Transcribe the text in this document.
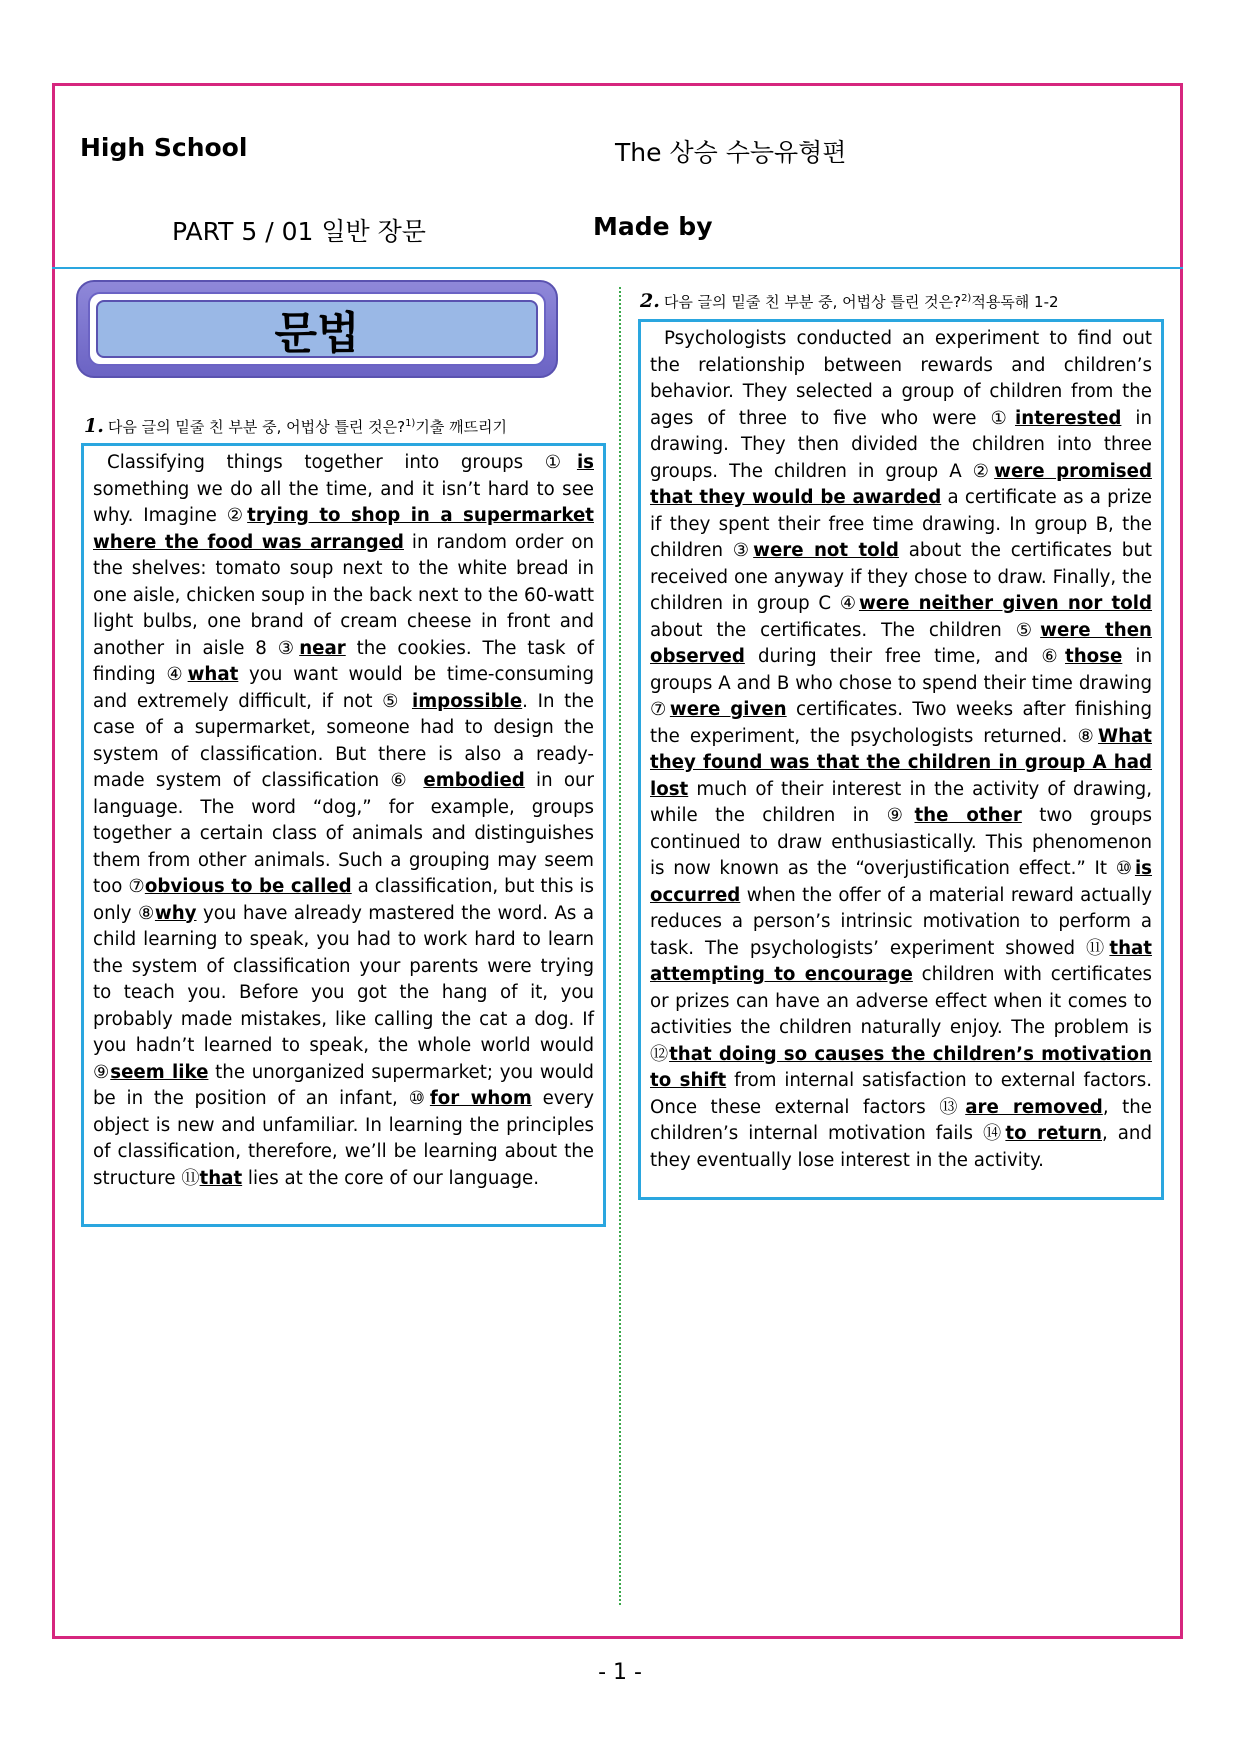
High School	The 상승 수능유형편
PART 5 / 01 일반 장문	Made by
문법
1. 다음 글의 밑줄 친 부분 중, 어법상 틀린 것은?$^{1)}$기출 깨뜨리기

Classifying things together into groups ①is something we do all the time, and it isn’t hard to see why. Imagine ②trying to shop in a supermarket where the food was arranged in random order on the shelves: tomato soup next to the white bread in one aisle, chicken soup in the back next to the 60-watt light bulbs, one brand of cream cheese in front and another in aisle 8 ③near the cookies. The task of finding ④what you want would be time-consuming and extremely difficult, if not ⑤ impossible. In the case of a supermarket, someone had to design the system of classification. But there is also a ready-made system of classification ⑥ embodied in our language. The word “dog,” for example, groups together a certain class of animals and distinguishes them from other animals. Such a grouping may seem too ⑦obvious to be called a classification, but this is only ⑧why you have already mastered the word. As a child learning to speak, you had to work hard to learn the system of classification your parents were trying to teach you. Before you got the hang of it, you probably made mistakes, like calling the cat a dog. If you hadn’t learned to speak, the whole world would ⑨seem like the unorganized supermarket; you would be in the position of an infant, ⑩for whom every object is new and unfamiliar. In learning the principles of classification, therefore, we’ll be learning about the structure ⑪that lies at the core of our language.

2. 다음 글의 밑줄 친 부분 중, 어법상 틀린 것은?$^{2)}$적용독해 1-2

Psychologists conducted an experiment to find out the relationship between rewards and children’s behavior. They selected a group of children from the ages of three to five who were ①interested in drawing. They then divided the children into three groups. The children in group A ②were promised that they would be awarded a certificate as a prize if they spent their free time drawing. In group B, the children ③were not told about the certificates but received one anyway if they chose to draw. Finally, the children in group C ④were neither given nor told about the certificates. The children ⑤were then observed during their free time, and ⑥those in groups A and B who chose to spend their time drawing ⑦were given certificates. Two weeks after finishing the experiment, the psychologists returned. ⑧What they found was that the children in group A had lost much of their interest in the activity of drawing, while the children in ⑨the other two groups continued to draw enthusiastically. This phenomenon is now known as the “overjustification effect.” It ⑩is occurred when the offer of a material reward actually reduces a person’s intrinsic motivation to perform a task. The psychologists’ experiment showed ⑪that attempting to encourage children with certificates or prizes can have an adverse effect when it comes to activities the children naturally enjoy. The problem is ⑫that doing so causes the children’s motivation to shift from internal satisfaction to external factors. Once these external factors ⑬are removed, the children’s internal motivation fails ⑭to return, and they eventually lose interest in the activity.

- 1 -
